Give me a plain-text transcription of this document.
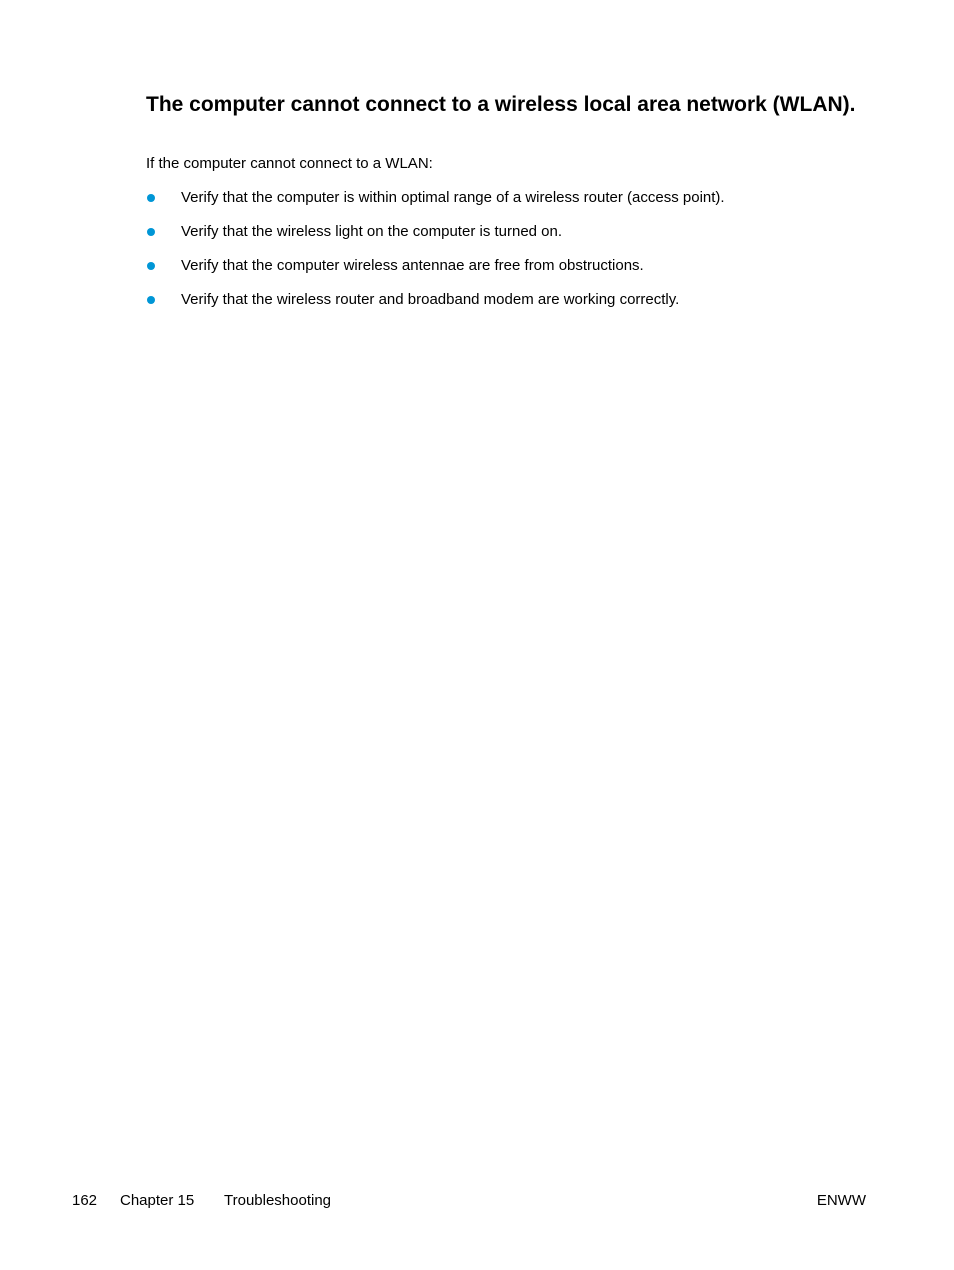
The computer cannot connect to a wireless local area network (WLAN).

If the computer cannot connect to a WLAN:

Verify that the computer is within optimal range of a wireless router (access point).
Verify that the wireless light on the computer is turned on.
Verify that the computer wireless antennae are free from obstructions.
Verify that the wireless router and broadband modem are working correctly.
162 Chapter 15 Troubleshooting	ENWW
